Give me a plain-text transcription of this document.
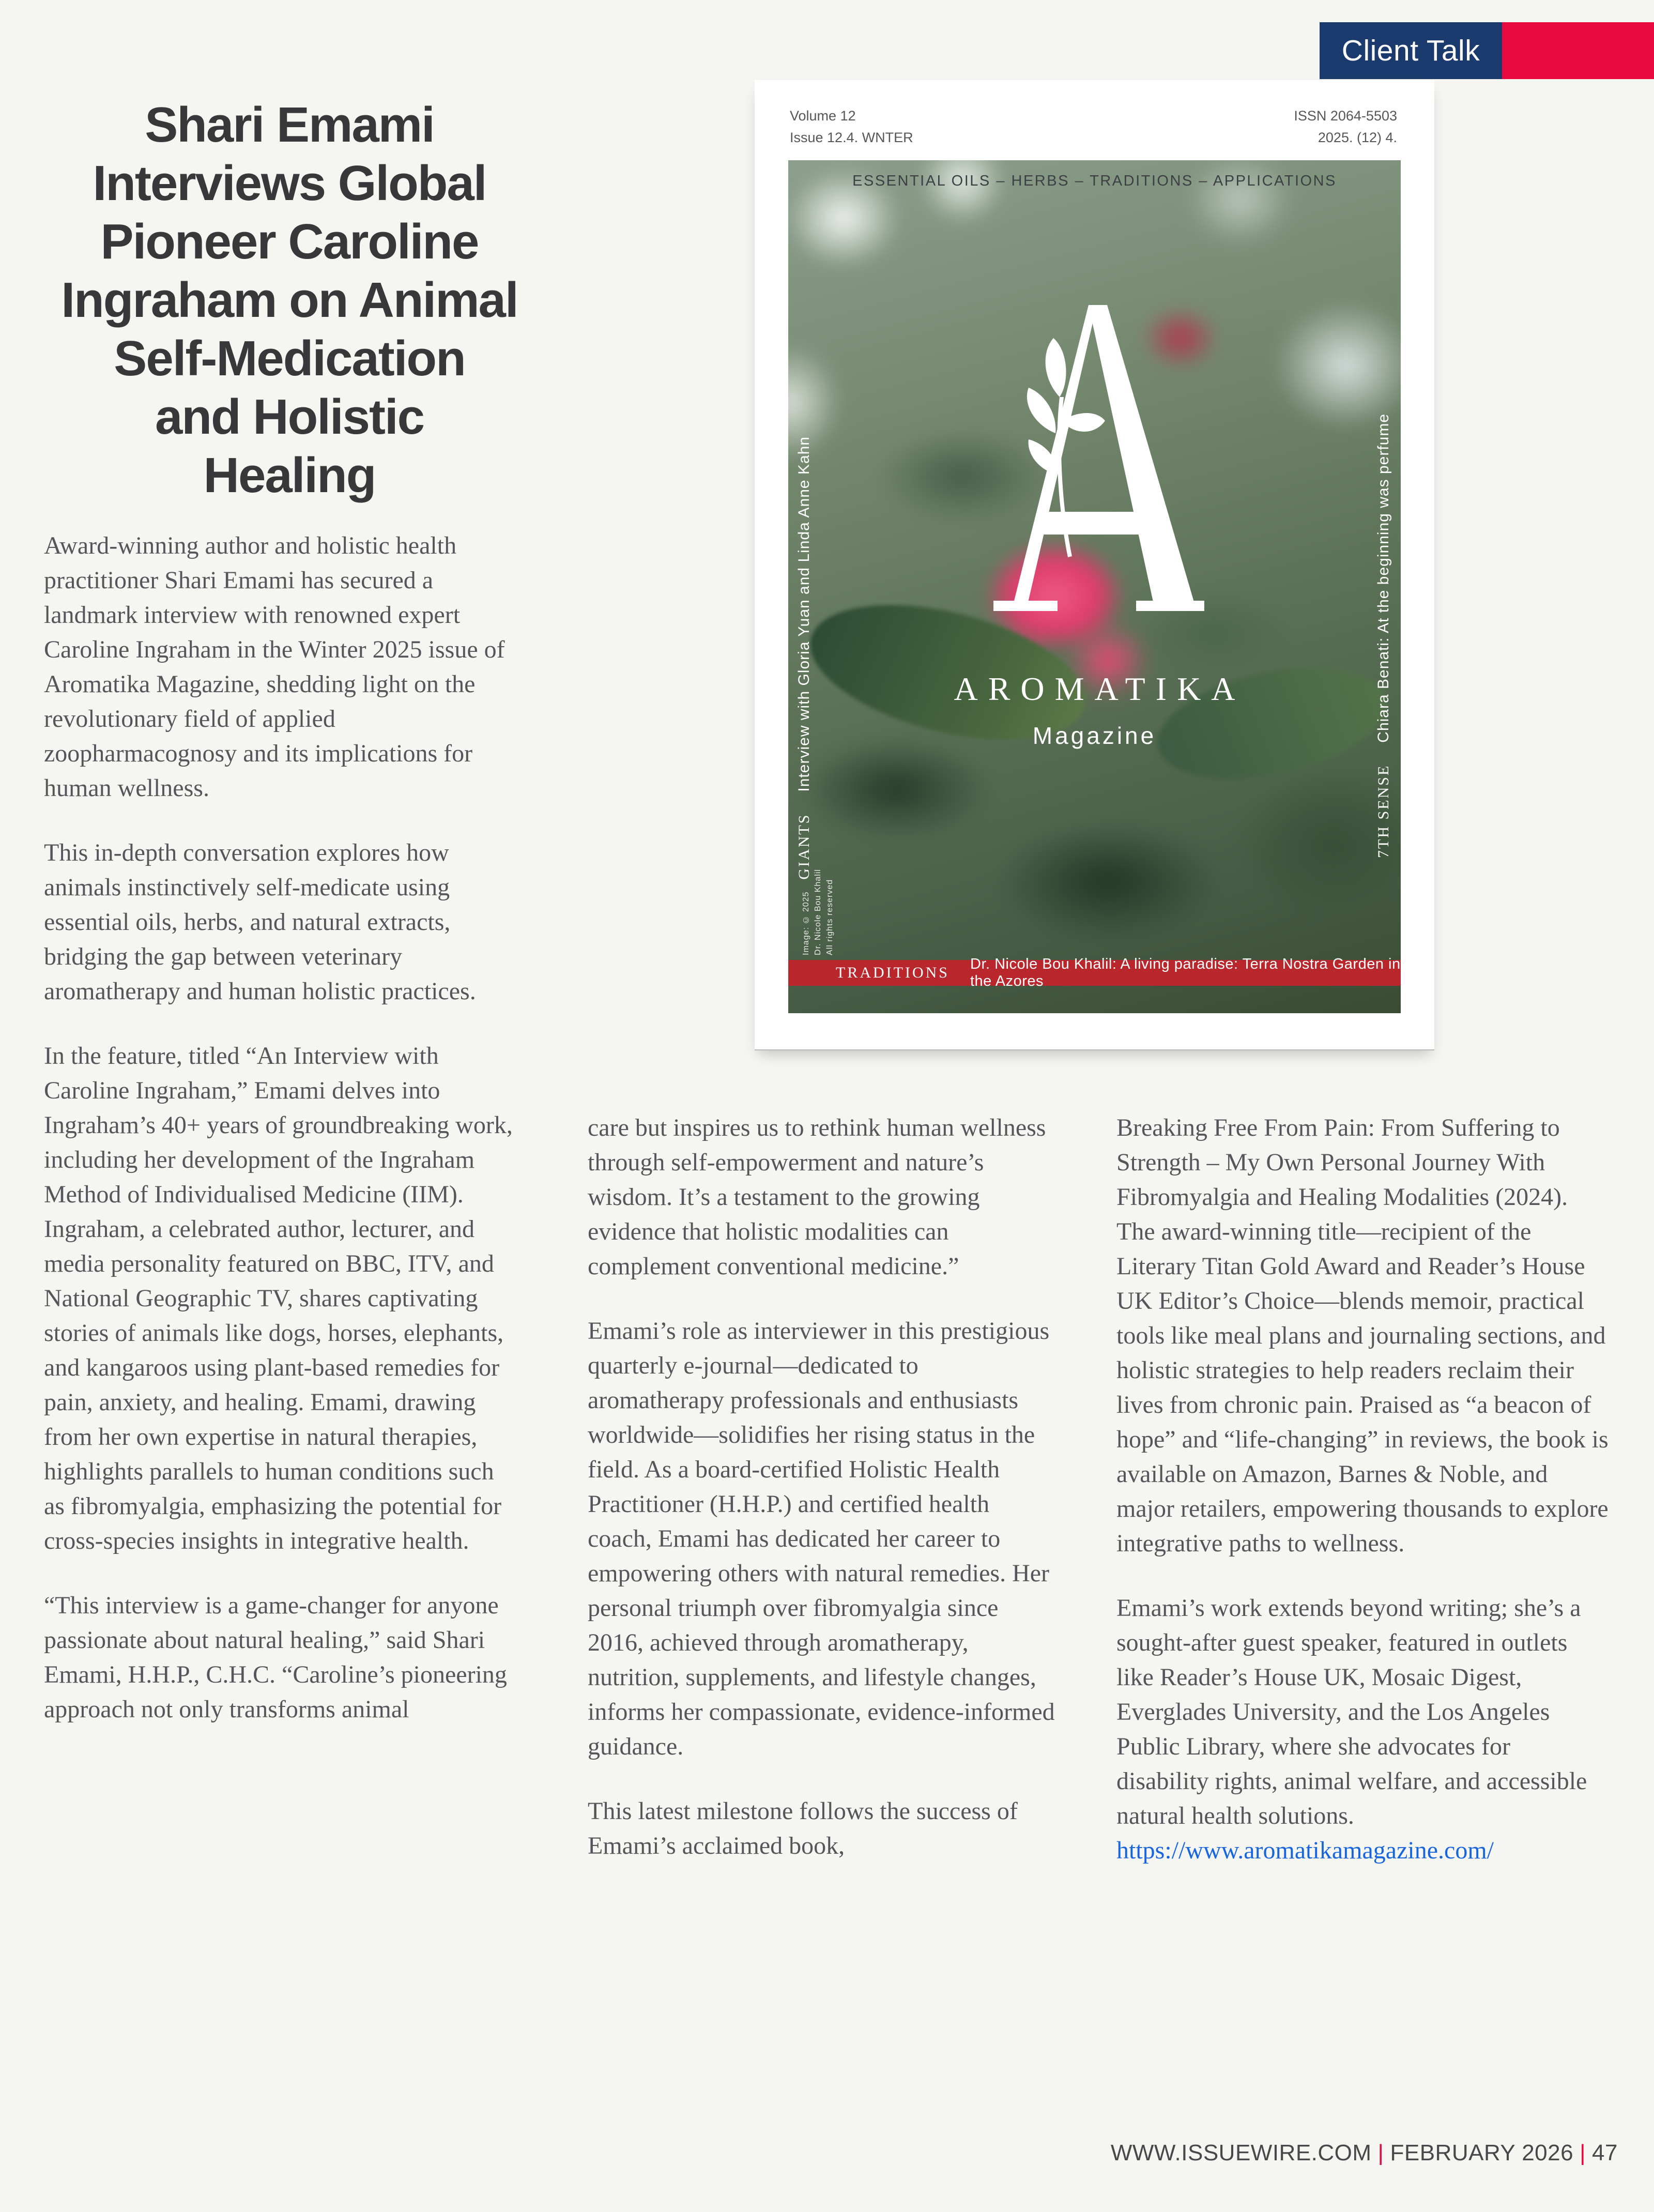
Client Talk
Shari Emami
Interviews Global
Pioneer Caroline
Ingraham on Animal
Self-Medication
and Holistic
Healing

Award-winning author and holistic health practitioner Shari Emami has secured a landmark interview with renowned expert Caroline Ingraham in the Winter 2025 issue of Aromatika Magazine, shedding light on the revolutionary field of applied zoopharmacognosy and its implications for human wellness.

This in-depth conversation explores how animals instinctively self-medicate using essential oils, herbs, and natural extracts, bridging the gap between veterinary aromatherapy and human holistic practices.

In the feature, titled “An Interview with Caroline Ingraham,” Emami delves into Ingraham’s 40+ years of groundbreaking work, including her development of the Ingraham Method of Individualised Medicine (IIM). Ingraham, a celebrated author, lecturer, and media personality featured on BBC, ITV, and National Geographic TV, shares captivating stories of animals like dogs, horses, elephants, and kangaroos using plant-based remedies for pain, anxiety, and healing. Emami, drawing from her own expertise in natural therapies, highlights parallels to human conditions such as fibromyalgia, emphasizing the potential for cross-species insights in integrative health.

“This interview is a game-changer for anyone passionate about natural healing,” said Shari Emami, H.H.P., C.H.C. “Caroline’s pioneering approach not only transforms animal

Volume 12
Issue 12.4. WNTER
ISSN 2064-5503
2025. (12) 4.
ESSENTIAL OILS – HERBS – TRADITIONS – APPLICATIONS
AROMATIKA
Magazine
GIANTSInterview with Gloria Yuan and Linda Anne Kahn
7TH SENSEChiara Benati: At the beginning was perfume
Image: © 2025 Dr. Nicole Bou Khalil All rights reserved
TRADITIONS Dr. Nicole Bou Khalil: A living paradise: Terra Nostra Garden in the Azores

care but inspires us to rethink human wellness through self-empowerment and nature’s wisdom. It’s a testament to the growing evidence that holistic modalities can complement conventional medicine.”

Emami’s role as interviewer in this prestigious quarterly e-journal—dedicated to aromatherapy professionals and enthusiasts worldwide—solidifies her rising status in the field. As a board-certified Holistic Health Practitioner (H.H.P.) and certified health coach, Emami has dedicated her career to empowering others with natural remedies. Her personal triumph over fibromyalgia since 2016, achieved through aromatherapy, nutrition, supplements, and lifestyle changes, informs her compassionate, evidence-informed guidance.

This latest milestone follows the success of Emami’s acclaimed book,

Breaking Free From Pain: From Suffering to Strength – My Own Personal Journey With Fibromyalgia and Healing Modalities (2024). The award-winning title—recipient of the Literary Titan Gold Award and Reader’s House UK Editor’s Choice—blends memoir, practical tools like meal plans and journaling sections, and holistic strategies to help readers reclaim their lives from chronic pain. Praised as “a beacon of hope” and “life-changing” in reviews, the book is available on Amazon, Barnes & Noble, and major retailers, empowering thousands to explore integrative paths to wellness.

Emami’s work extends beyond writing; she’s a sought-after guest speaker, featured in outlets like Reader’s House UK, Mosaic Digest, Everglades University, and the Los Angeles Public Library, where she advocates for disability rights, animal welfare, and accessible natural health solutions.

https://www.aromatikamagazine.com/
WWW.ISSUEWIRE.COM | FEBRUARY 2026 | 47
